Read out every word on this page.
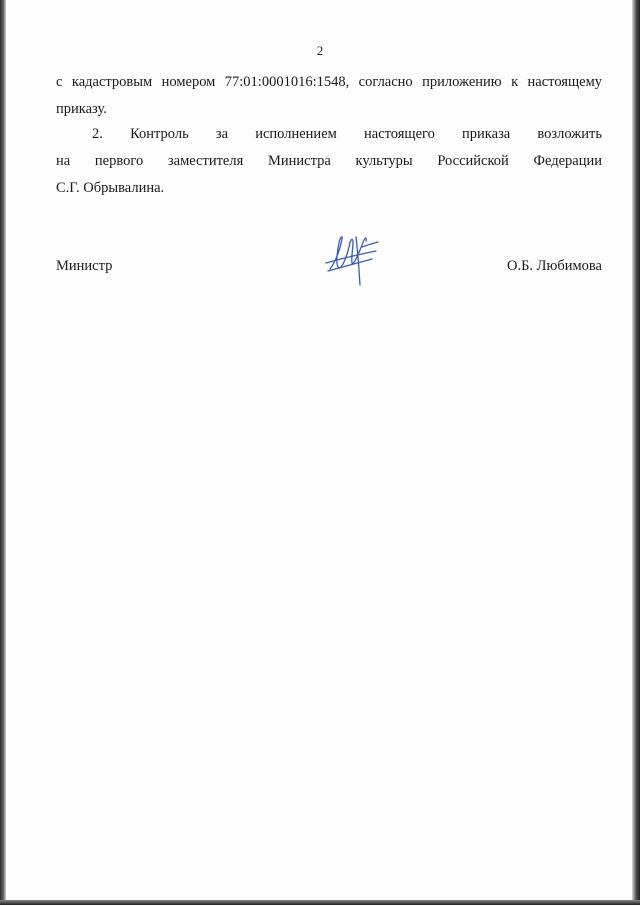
2
с кадастровым номером 77:01:0001016:1548, согласно приложению к настоящему
приказу.
2. Контроль за исполнением настоящего приказа возложить
на первого заместителя Министра культуры Российской Федерации
С.Г. Обрывалина.
Министр	О.Б. Любимова
